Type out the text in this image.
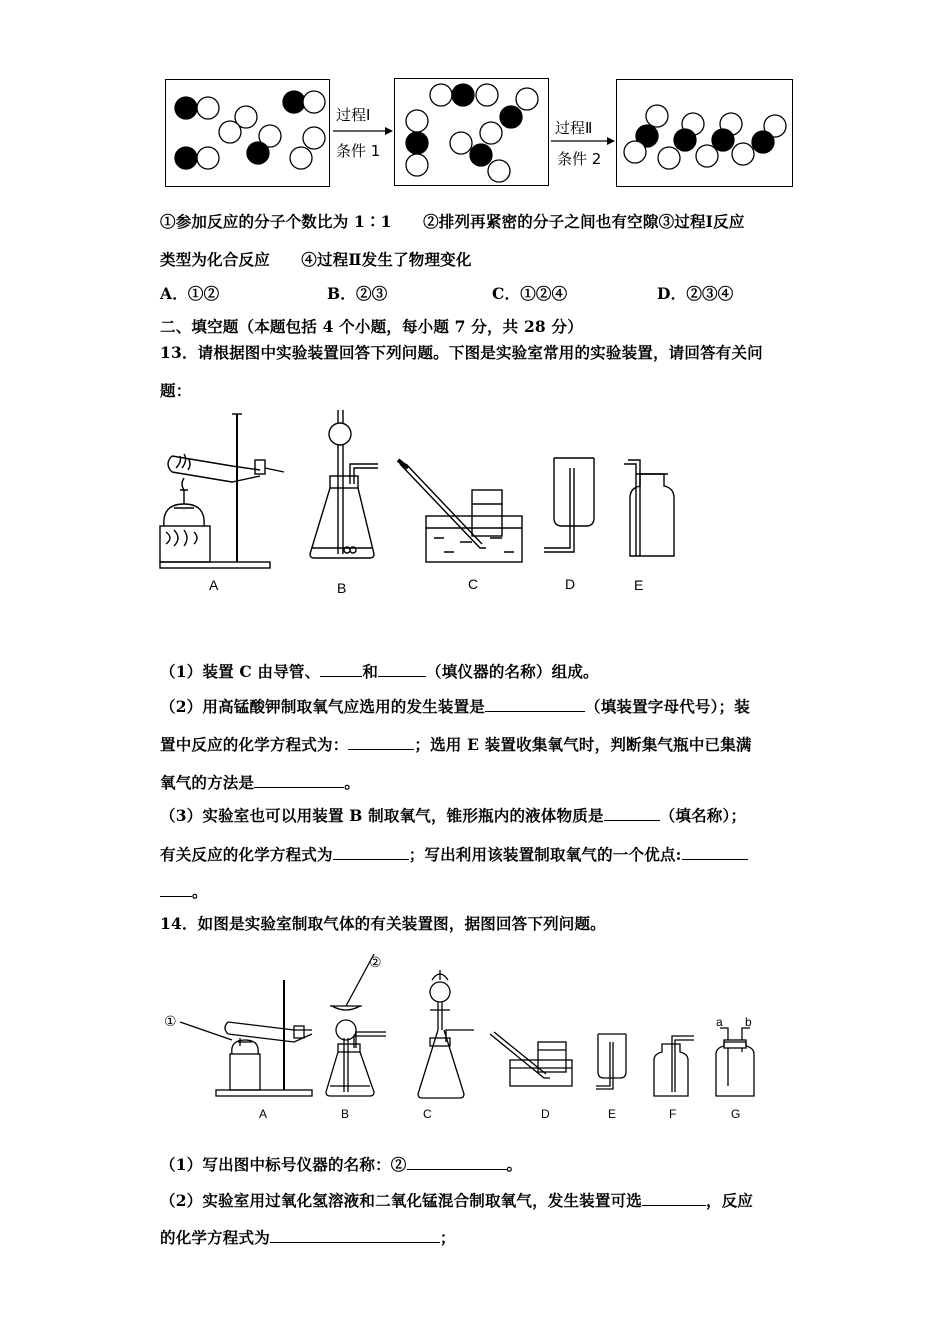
过程Ⅰ
条件 1
过程Ⅱ
条件 2
①参加反应的分子个数比为 1∶1　　②排列再紧密的分子之间也有空隙③过程Ⅰ反应
类型为化合反应　　④过程Ⅱ发生了物理变化
A．①②	B．②③	C．①②④	D．②③④
二、填空题（本题包括 4 个小题，每小题 7 分，共 28 分）
13．请根据图中实验装置回答下列问题。下图是实验室常用的实验装置，请回答有关问
题：
A	B	C	D	E
（1）装置 C 由导管、	和	（填仪器的名称）组成。
（2）用高锰酸钾制取氧气应选用的发生装置是	（填装置字母代号）；装
置中反应的化学方程式为：	；选用 E 装置收集氧气时，判断集气瓶中已集满
氧气的方法是	。
（3）实验室也可以用装置 B 制取氧气，锥形瓶内的液体物质是	（填名称）；
有关反应的化学方程式为	；写出利用该装置制取氧气的一个优点:
。
14．如图是实验室制取气体的有关装置图，据图回答下列问题。
①
②
a b
A	B	C	D	E	F	G
（1）写出图中标号仪器的名称：②	。
（2）实验室用过氧化氢溶液和二氧化锰混合制取氧气，发生装置可选	，反应
的化学方程式为	；
